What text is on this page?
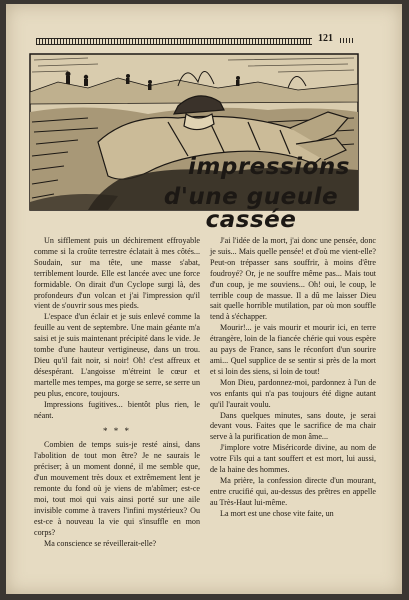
121
impressions
d'une gueule cassée

Un sifflement puis un déchirement effroyable comme si la croûte terrestre éclatait à mes côtés... Soudain, sur ma tête, une masse s'abat, terriblement lourde. Elle est lancée avec une force formidable. On dirait d'un Cyclope surgi là, des profondeurs d'un volcan et j'ai l'impression qu'il vient de s'ouvrir sous mes pieds.

L'espace d'un éclair et je suis enlevé comme la feuille au vent de septembre. Une main géante m'a saisi et je suis maintenant précipité dans le vide. Je tombe d'une hauteur vertigineuse, dans un trou. Dieu qu'il fait noir, si noir! Oh! c'est affreux et désespérant. L'angoisse m'étreint le cœur et martelle mes tempes, ma gorge se serre, se serre un peu plus, encore, toujours.

Impressions fugitives... bientôt plus rien, le néant.

* * *

Combien de temps suis-je resté ainsi, dans l'abolition de tout mon être? Je ne saurais le préciser; à un moment donné, il me semble que, d'un mouvement très doux et extrêmement lent je remonte du fond où je viens de m'abîmer; est-ce moi, tout moi qui vais ainsi porté sur une aile invisible comme à travers l'infini mystérieux? Ou est-ce à nouveau la vie qui s'insuffle en mon corps?

Ma conscience se réveillerait-elle?

J'ai l'idée de la mort, j'ai donc une pensée, donc je suis... Mais quelle pensée! et d'où me vient-elle? Peut-on trépasser sans souffrir, à moins d'être foudroyé? Or, je ne souffre même pas... Mais tout d'un coup, je me souviens... Oh! oui, le coup, le terrible coup de massue. Il a dû me laisser Dieu sait quelle horrible mutilation, par où mon souffle tend à s'échapper.

Mourir!... je vais mourir et mourir ici, en terre étrangère, loin de la fiancée chérie qui vous espère au pays de France, sans le réconfort d'un sourire ami... Quel supplice de se sentir si près de la mort et si loin des siens, si loin de tout!

Mon Dieu, pardonnez-moi, pardonnez à l'un de vos enfants qui n'a pas toujours été digne autant qu'il l'aurait voulu.

Dans quelques minutes, sans doute, je serai devant vous. Faites que le sacrifice de ma chair serve à la purification de mon âme...

J'implore votre Miséricorde divine, au nom de votre Fils qui a tant souffert et est mort, lui aussi, de la haine des hommes.

Ma prière, la confession directe d'un mourant, entre crucifié qui, au-dessus des prêtres en appelle au Très-Haut lui-même.

La mort est une chose vite faite, un
